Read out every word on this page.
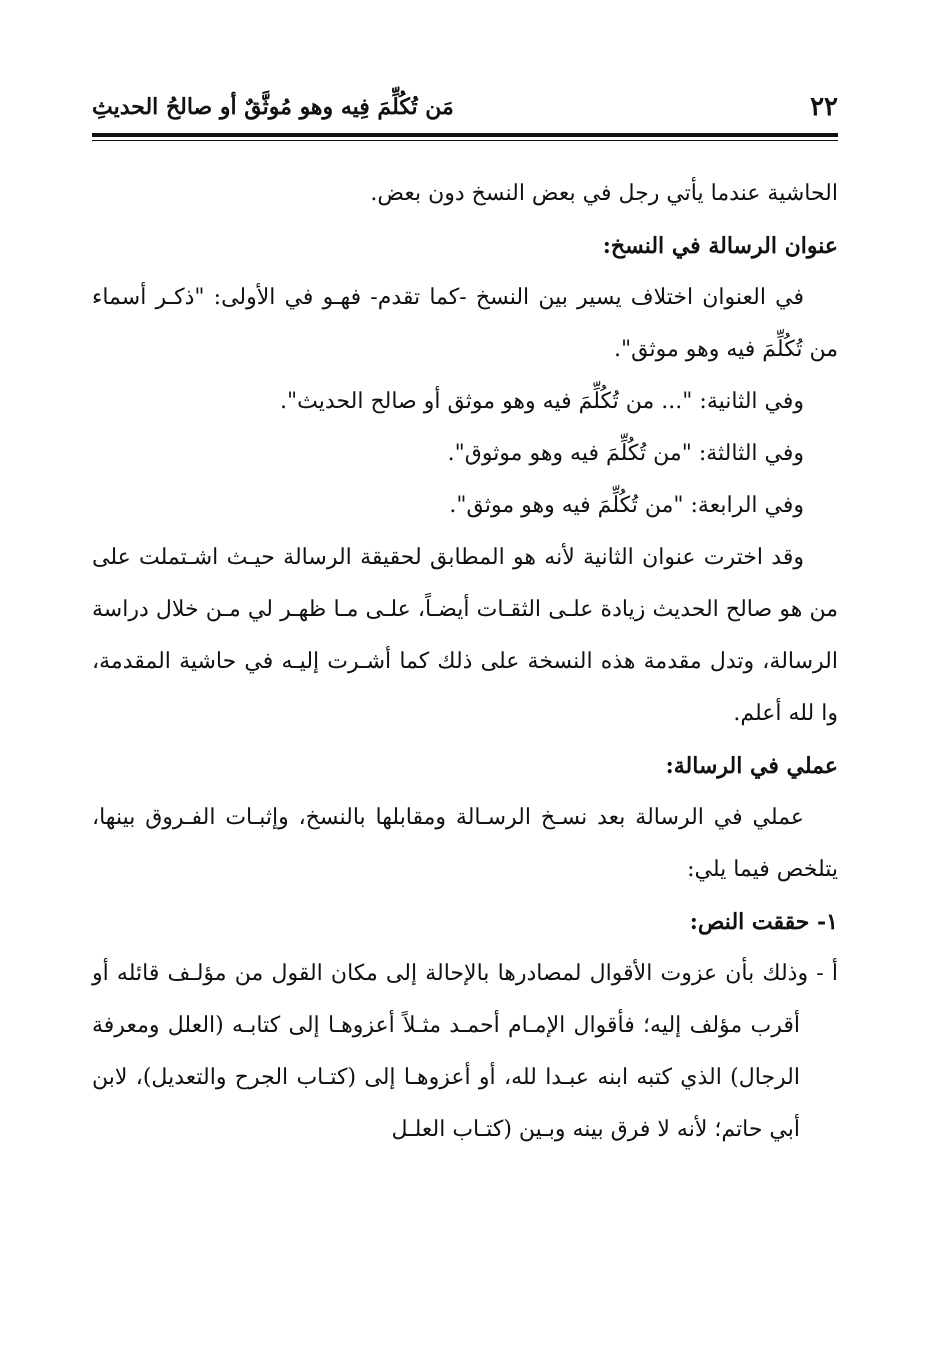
٢٢
مَن تُكُلِّمَ فِيه وهو مُوثَّقٌ أو صالحُ الحديثِ

الحاشية عندما يأتي رجل في بعض النسخ دون بعض.

عنوان الرسالة في النسخ:

في العنوان اختلاف يسير بين النسخ -كما تقدم- فهـو في الأولى: "ذكـر أسماء من تُكُلِّمَ فيه وهو موثق".

وفي الثانية: "... من تُكُلِّمَ فيه وهو موثق أو صالح الحديث".

وفي الثالثة: "من تُكُلِّمَ فيه وهو موثوق".

وفي الرابعة: "من تُكُلِّمَ فيه وهو موثق".

وقد اخترت عنوان الثانية لأنه هو المطابق لحقيقة الرسالة حيـث اشـتملت على من هو صالح الحديث زيادة علـى الثقـات أيضـاً، علـى مـا ظهـر لي مـن خلال دراسة الرسالة، وتدل مقدمة هذه النسخة على ذلك كما أشـرت إليـه في حاشية المقدمة، وا لله أعلم.

عملي في الرسالة:

عملي في الرسالة بعد نسـخ الرسـالة ومقابلها بالنسخ، وإثبـات الفـروق بينها، يتلخص فيما يلي:

١- حققت النص:

أ - وذلك بأن عزوت الأقوال لمصادرها بالإحالة إلى مكان القول من مؤلـف قائله أو أقرب مؤلف إليه؛ فأقوال الإمـام أحمـد مثـلاً أعزوهـا إلى كتابـه (العلل ومعرفة الرجال) الذي كتبه ابنه عبـدا لله، أو أعزوهـا إلى (كتـاب الجرح والتعديل)، لابن أبي حاتم؛ لأنه لا فرق بينه وبـين (كتـاب العلـل
